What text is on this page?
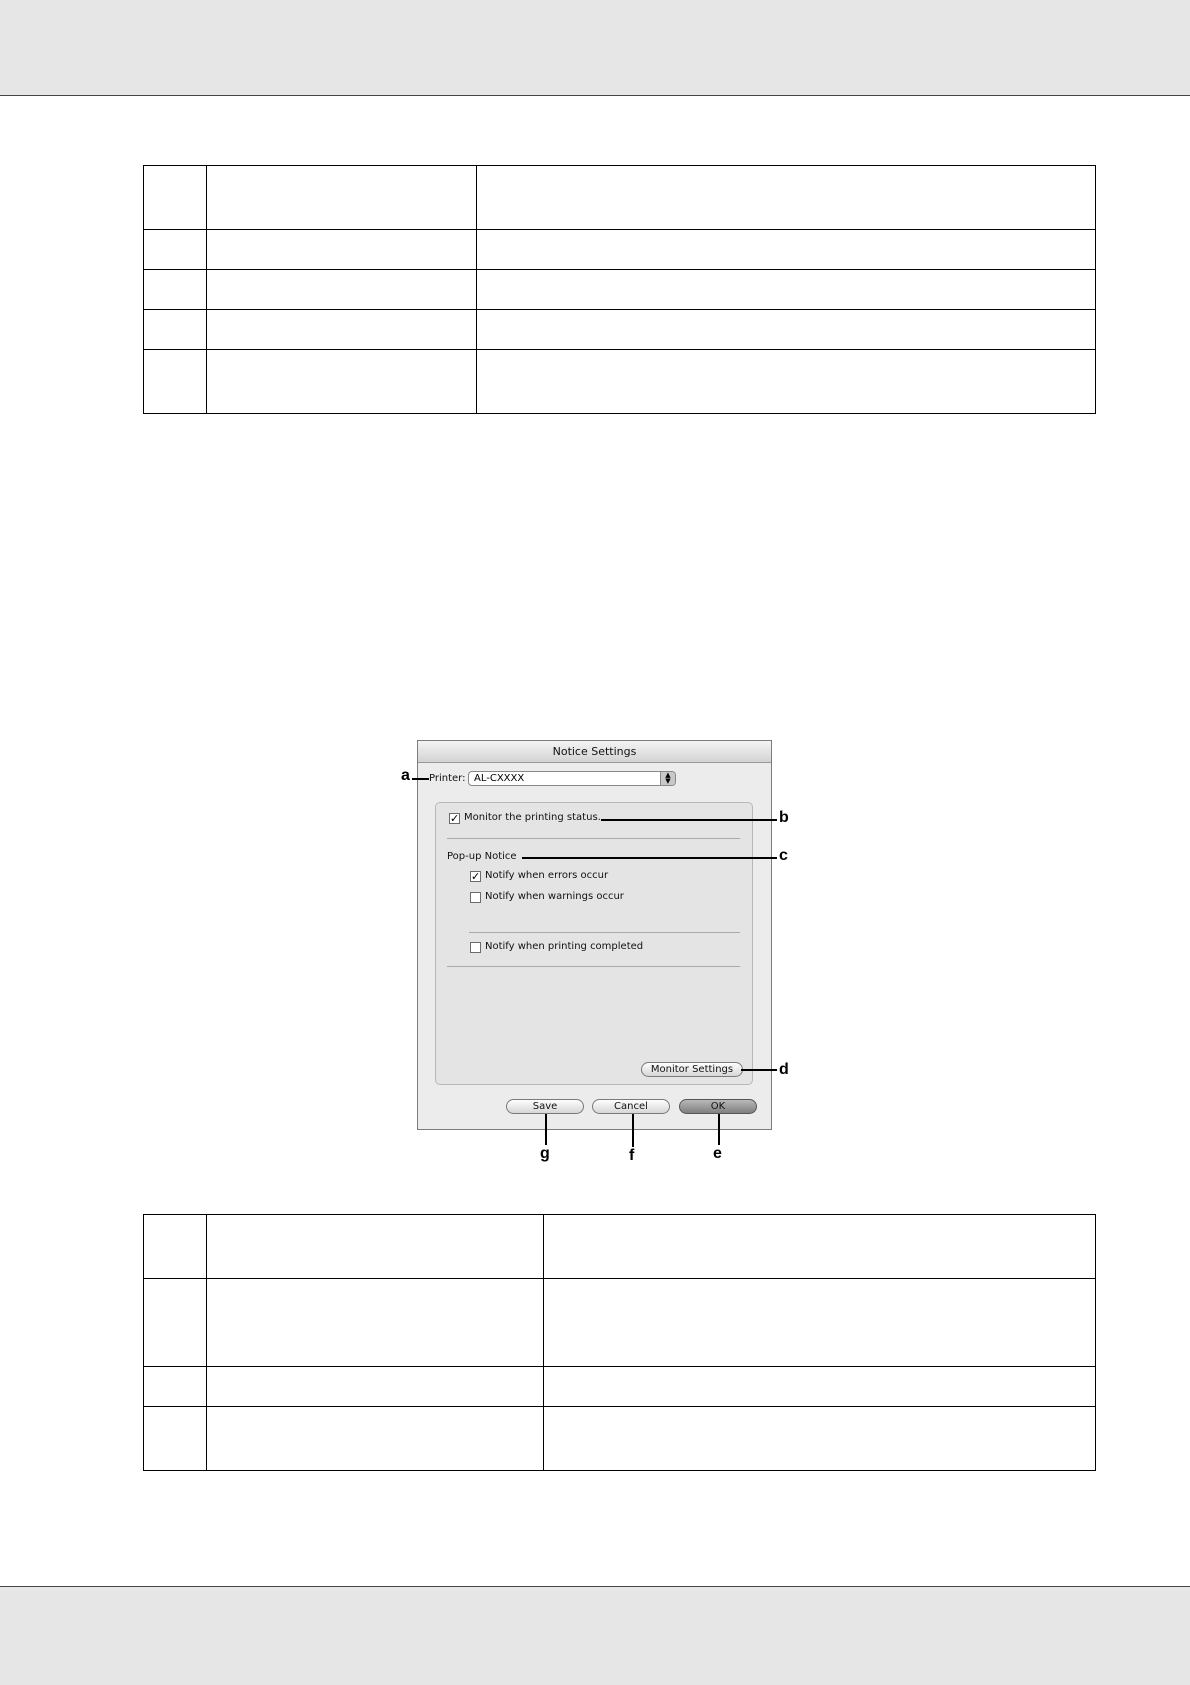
Notice Settings
Printer: AL-CXXXX	▲
▼
✓ Monitor the printing status.
Pop-up Notice
✓ Notify when errors occur
Notify when warnings occur
Notify when printing completed
Monitor Settings
Save	Cancel	OK
a
b
c
d
e
f
g
